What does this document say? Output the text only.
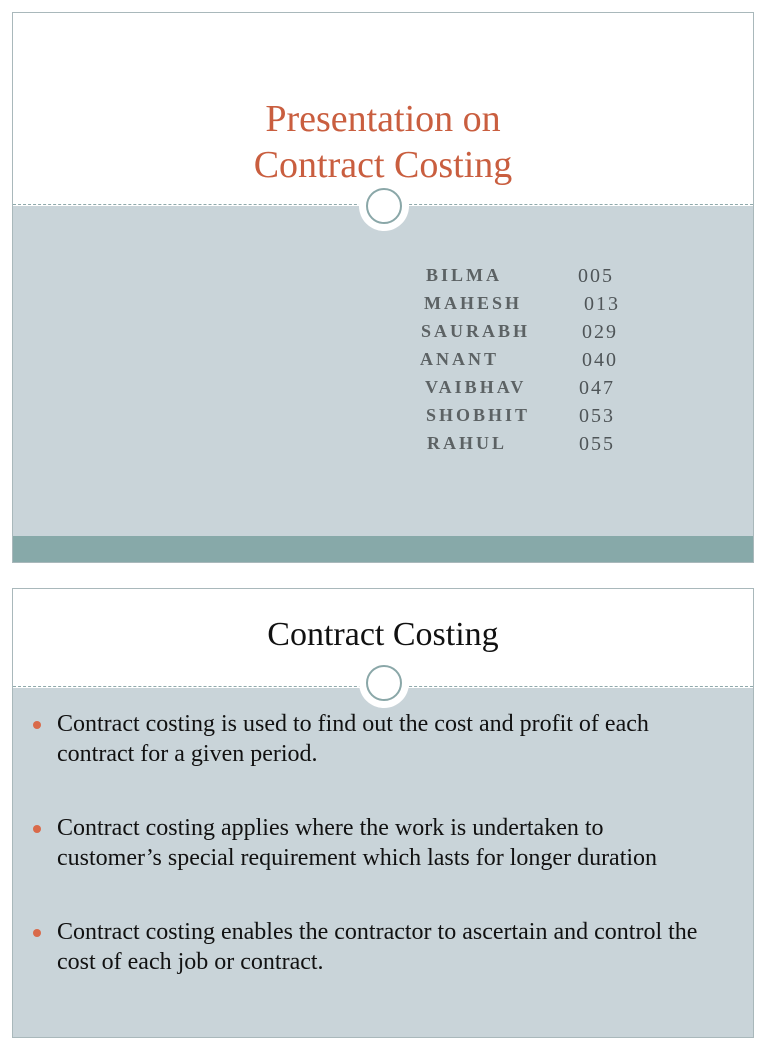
Presentation on
Contract Costing
BILMA	005
MAHESH	013
SAURABH	029
ANANT	040
VAIBHAV	047
SHOBHIT 053
RAHUL	055
Contract Costing
Contract costing is used to find out the cost and profit of each contract for a given period.
Contract costing applies where the work is undertaken to customer’s special requirement which lasts for longer duration
Contract costing enables the contractor to ascertain and control the cost of each job or contract.
